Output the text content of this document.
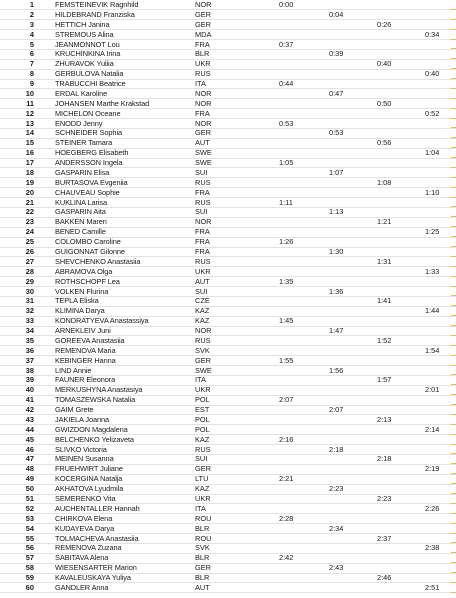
1	FEMSTEINEVIK Ragnhild	NOR	0:00
2	HILDEBRAND Franziska	GER	0:04
3	HETTICH Janina	GER	0:26
4	STREMOUS Alina	MDA	0:34
5	JEANMONNOT Lou	FRA	0:37
6	KRUCHINKINA Irina	BLR	0:39
7	ZHURAVOK Yuliia	UKR	0:40
8	GERBULOVA Natalia	RUS	0:40
9	TRABUCCHI Beatrice	ITA	0:44
10	ERDAL Karoline	NOR	0:47
11	JOHANSEN Marthe Krakstad	NOR	0:50
12	MICHELON Oceane	FRA	0:52
13	ENODD Jenny	NOR	0:53
14	SCHNEIDER Sophia	GER	0:53
15	STEINER Tamara	AUT	0:56
16	HOEGBERG Elisabeth	SWE	1:04
17	ANDERSSON Ingela	SWE	1:05
18	GASPARIN Elisa	SUI	1:07
19	BURTASOVA Evgeniia	RUS	1:08
20	CHAUVEAU Sophie	FRA	1:10
21	KUKLINA Larisa	RUS	1:11
22	GASPARIN Aita	SUI	1:13
23	BAKKEN Maren	NOR	1:21
24	BENED Camille	FRA	1:25
25	COLOMBO Caroline	FRA	1:26
26	GUIGONNAT Gilonne	FRA	1:30
27	SHEVCHENKO Anastasiia	RUS	1:31
28	ABRAMOVA Olga	UKR	1:33
29	ROTHSCHOPF Lea	AUT	1:35
30	VOLKEN Flurina	SUI	1:36
31	TEPLA Eliska	CZE	1:41
32	KLIMINA Darya	KAZ	1:44
33	KONDRATYEVA Anastassiya	KAZ	1:45
34	ARNEKLEIV Juni	NOR	1:47
35	GOREEVA Anastasiia	RUS	1:52
36	REMENOVA Maria	SVK	1:54
37	KEBINGER Hanna	GER	1:55
38	LIND Annie	SWE	1:56
39	FAUNER Eleonora	ITA	1:57
40	MERKUSHYNA Anastasiya	UKR	2:01
41	TOMASZEWSKA Natalia	POL	2:07
42	GAIM Grete	EST	2:07
43	JAKIELA Joanna	POL	2:13
44	GWIZDON Magdalena	POL	2:14
45	BELCHENKO Yelizaveta	KAZ	2:16
46	SLIVKO Victoria	RUS	2:18
47	MEINEN Susanna	SUI	2:18
48	FRUEHWIRT Juliane	GER	2:19
49	KOCERGINA Natalja	LTU	2:21
50	AKHATOVA Lyudmila	KAZ	2:23
51	SEMERENKO Vita	UKR	2:23
52	AUCHENTALLER Hannah	ITA	2:26
53	CHIRKOVA Elena	ROU	2:28
54	KUDAYEVA Darya	BLR	2:34
55	TOLMACHEVA Anastasiia	ROU	2:37
56	REMENOVA Zuzana	SVK	2:38
57	SABITAVA Alena	BLR	2:42
58	WIESENSARTER Marion	GER	2:43
59	KAVALEUSKAYA Yuliya	BLR	2:46
60	GANDLER Anna	AUT	2:51
